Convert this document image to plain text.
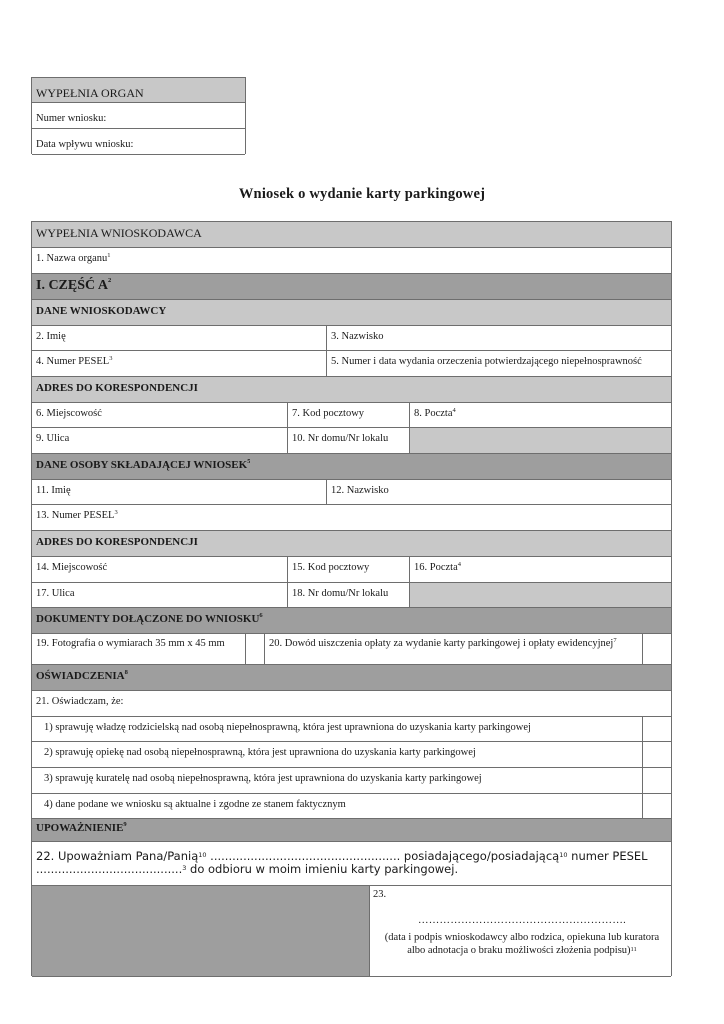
WYPEŁNIA ORGAN
Numer wniosku:
Data wpływu wniosku:
Wniosek o wydanie karty parkingowej
WYPEŁNIA WNIOSKODAWCA
1. Nazwa organu$^1$
I. CZĘŚĆ $A^2$
DANE WNIOSKODAWCY
2. Imię	3. Nazwisko
4. Numer PESEL$^3$	5. Numer i data wydania orzeczenia potwierdzającego niepełnosprawność
ADRES DO KORESPONDENCJI
6. Miejscowość	7. Kod pocztowy	8. Poczta$^4$
9. Ulica	10. Nr domu/Nr lokalu
DANE OSOBY SKŁADAJĄCEJ WNIOSEK$^5$
11. Imię	12. Nazwisko
13. Numer PESEL$^3$
ADRES DO KORESPONDENCJI
14. Miejscowość	15. Kod pocztowy	16. Poczta$^4$
17. Ulica	18. Nr domu/Nr lokalu
DOKUMENTY DOŁĄCZONE DO WNIOSKU$^6$
19. Fotografia o wymiarach 35 mm x 45 mm	20. Dowód uiszczenia opłaty za wydanie karty parkingowej i opłaty ewidencyjnej$^7$
OŚWIADCZENIA$^8$
21. Oświadczam, że:
1) sprawuję władzę rodzicielską nad osobą niepełnosprawną, która jest uprawniona do uzyskania karty parkingowej
2) sprawuję opiekę nad osobą niepełnosprawną, która jest uprawniona do uzyskania karty parkingowej
3) sprawuję kuratelę nad osobą niepełnosprawną, która jest uprawniona do uzyskania karty parkingowej
4) dane podane we wniosku są aktualne i zgodne ze stanem faktycznym
UPOWAŻNIENIE$^9$
22. Upoważniam Pana/Panią$^{10}$ .................................................... posiadającego/posiadającą$^{10}$ numer PESEL
........................................$^3$ do odbioru w moim imieniu karty parkingowej.
23.
………………………………………………….
(data i podpis wnioskodawcy albo rodzica, opiekuna lub kuratora
albo adnotacja o braku możliwości złożenia podpisu)$^{11}$
